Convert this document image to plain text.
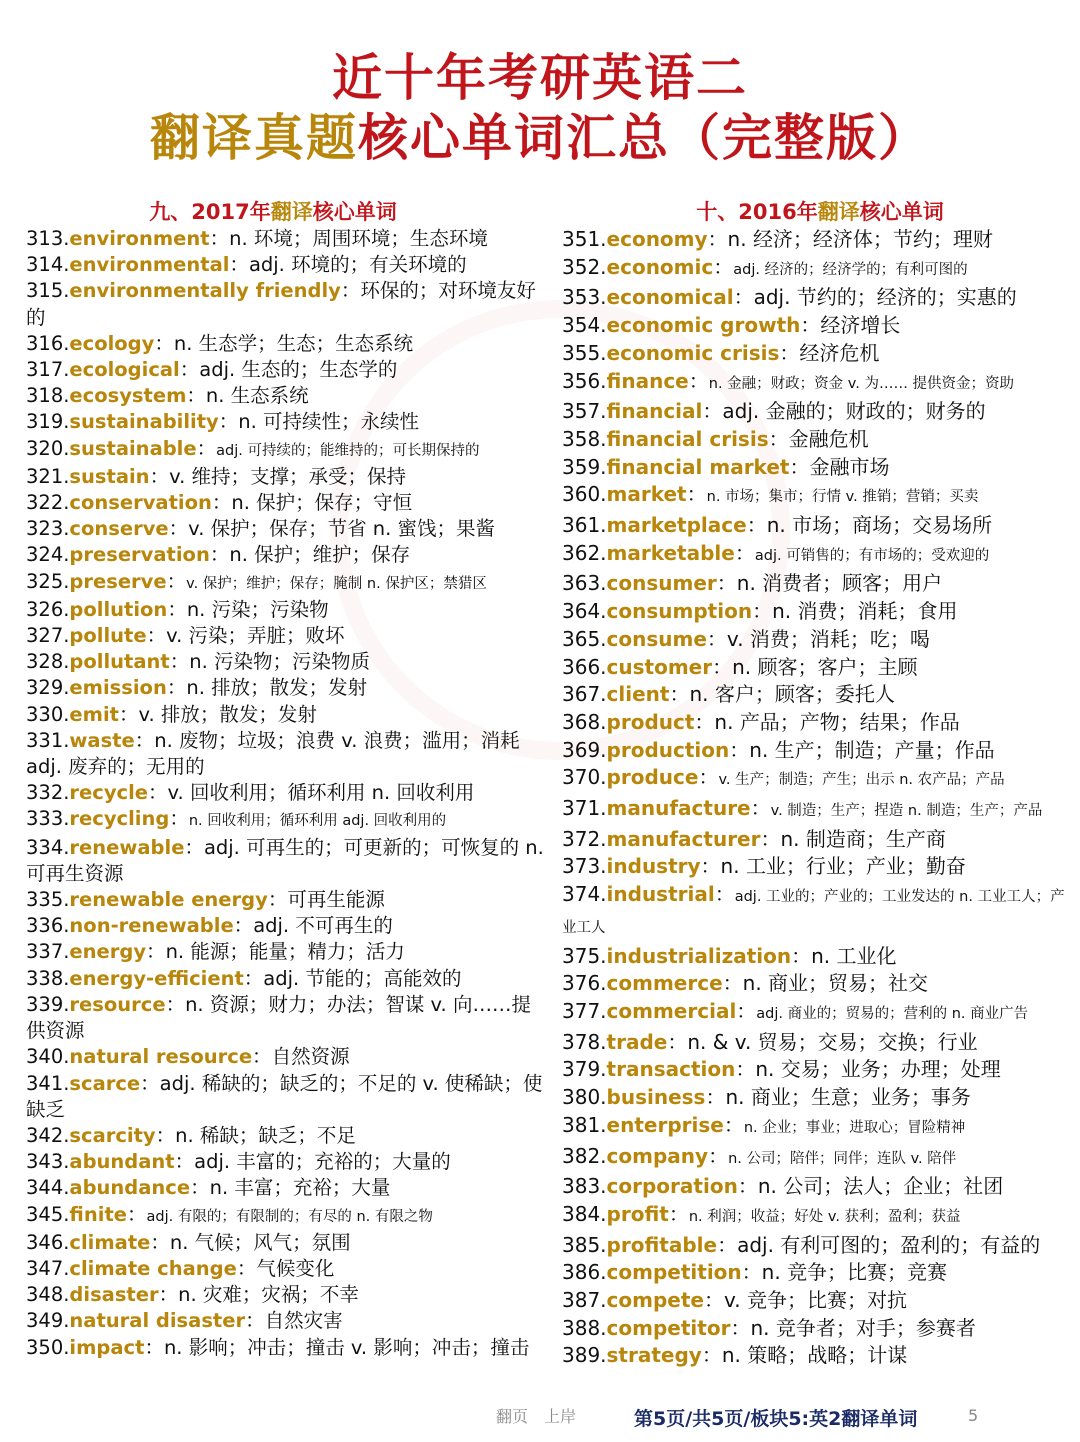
近十年考研英语二
翻译真题核心单词汇总（完整版）
九、2017年翻译核心单词
313.environment：n. 环境；周围环境；生态环境
314.environmental：adj. 环境的；有关环境的
315.environmentally friendly：环保的；对环境友好的
316.ecology：n. 生态学；生态；生态系统
317.ecological：adj. 生态的；生态学的
318.ecosystem：n. 生态系统
319.sustainability：n. 可持续性；永续性
320.sustainable：adj. 可持续的；能维持的；可长期保持的
321.sustain：v. 维持；支撑；承受；保持
322.conservation：n. 保护；保存；守恒
323.conserve：v. 保护；保存；节省 n. 蜜饯；果酱
324.preservation：n. 保护；维护；保存
325.preserve：v. 保护；维护；保存；腌制 n. 保护区；禁猎区
326.pollution：n. 污染；污染物
327.pollute：v. 污染；弄脏；败坏
328.pollutant：n. 污染物；污染物质
329.emission：n. 排放；散发；发射
330.emit：v. 排放；散发；发射
331.waste：n. 废物；垃圾；浪费 v. 浪费；滥用；消耗 adj. 废弃的；无用的
332.recycle：v. 回收利用；循环利用 n. 回收利用
333.recycling：n. 回收利用；循环利用 adj. 回收利用的
334.renewable：adj. 可再生的；可更新的；可恢复的 n. 可再生资源
335.renewable energy：可再生能源
336.non-renewable：adj. 不可再生的
337.energy：n. 能源；能量；精力；活力
338.energy-efficient：adj. 节能的；高能效的
339.resource：n. 资源；财力；办法；智谋 v. 向……提供资源
340.natural resource：自然资源
341.scarce：adj. 稀缺的；缺乏的；不足的 v. 使稀缺；使缺乏
342.scarcity：n. 稀缺；缺乏；不足
343.abundant：adj. 丰富的；充裕的；大量的
344.abundance：n. 丰富；充裕；大量
345.finite：adj. 有限的；有限制的；有尽的 n. 有限之物
346.climate：n. 气候；风气；氛围
347.climate change：气候变化
348.disaster：n. 灾难；灾祸；不幸
349.natural disaster：自然灾害
350.impact：n. 影响；冲击；撞击 v. 影响；冲击；撞击
十、2016年翻译核心单词
351.economy：n. 经济；经济体；节约；理财
352.economic：adj. 经济的；经济学的；有利可图的
353.economical：adj. 节约的；经济的；实惠的
354.economic growth：经济增长
355.economic crisis：经济危机
356.finance：n. 金融；财政；资金 v. 为…… 提供资金；资助
357.financial：adj. 金融的；财政的；财务的
358.financial crisis：金融危机
359.financial market：金融市场
360.market：n. 市场；集市；行情 v. 推销；营销；买卖
361.marketplace：n. 市场；商场；交易场所
362.marketable：adj. 可销售的；有市场的；受欢迎的
363.consumer：n. 消费者；顾客；用户
364.consumption：n. 消费；消耗；食用
365.consume：v. 消费；消耗；吃；喝
366.customer：n. 顾客；客户；主顾
367.client：n. 客户；顾客；委托人
368.product：n. 产品；产物；结果；作品
369.production：n. 生产；制造；产量；作品
370.produce：v. 生产；制造；产生；出示 n. 农产品；产品
371.manufacture：v. 制造；生产；捏造 n. 制造；生产；产品
372.manufacturer：n. 制造商；生产商
373.industry：n. 工业；行业；产业；勤奋
374.industrial：adj. 工业的；产业的；工业发达的 n. 工业工人；产业工人
375.industrialization：n. 工业化
376.commerce：n. 商业；贸易；社交
377.commercial：adj. 商业的；贸易的；营利的 n. 商业广告
378.trade：n. & v. 贸易；交易；交换；行业
379.transaction：n. 交易；业务；办理；处理
380.business：n. 商业；生意；业务；事务
381.enterprise：n. 企业；事业；进取心；冒险精神
382.company：n. 公司；陪伴；同伴；连队 v. 陪伴
383.corporation：n. 公司；法人；企业；社团
384.profit：n. 利润；收益；好处 v. 获利；盈利；获益
385.profitable：adj. 有利可图的；盈利的；有益的
386.competition：n. 竞争；比赛；竞赛
387.compete：v. 竞争；比赛；对抗
388.competitor：n. 竞争者；对手；参赛者
389.strategy：n. 策略；战略；计谋
翻页　上岸	第5页/共5页/板块5:英2翻译单词	5
